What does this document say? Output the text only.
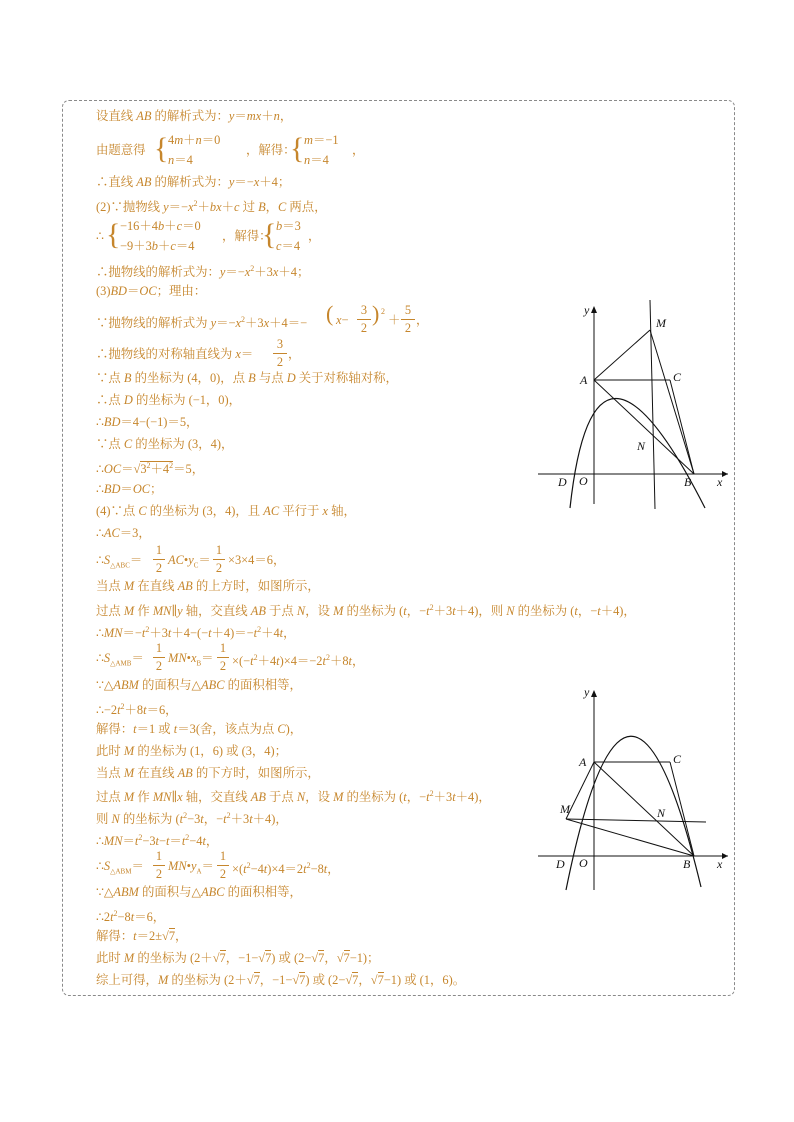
设直线 AB 的解析式为：y＝mx＋n，
由题意得 { 4m＋n＝0
n＝4
，解得：
{ m＝−1
n＝4
，
∴直线 AB 的解析式为：y＝−x＋4；
(2)∵抛物线 $y=-x^2+bx+c$ 过 B，C 两点，
∴ { −16＋4b＋c＝0
−9＋3b＋c＝4
，解得：
{ b＝3
c＝4
，
∴抛物线的解析式为：$y=-x^2+3x+4$；
(3)BD＝OC；理由：
∵抛物线的解析式为 $y=-x^2+3x+4=-$ ( x−
3
2
) 2
＋
5
2
，
∴抛物线的对称轴直线为 x＝
3
2
，
∵点 B 的坐标为 (4，0)，点 B 与点 D 关于对称轴对称，
∴点 D 的坐标为 (−1，0)，
∴BD＝4−(−1)＝5，
∵点 C 的坐标为 (3，4)，
$\therefore OC=√3^2+4^2=5$，
∴BD＝OC；
(4)∵点 C 的坐标为 (3，4)，且 AC 平行于 x 轴，
∴AC＝3，
$\therefore S_{\triangle ABC}=$
1
2
$AC•y_C=$
1
2
×3×4＝6，
当点 M 在直线 AB 的上方时，如图所示，
过点 M 作 MN∥y 轴，交直线 AB 于点 N，设 M 的坐标为 (t，$-t^2+3t+4$)，则 N 的坐标为 (t，−t＋4)，
$\therefore MN=-t^2+3t+4-(-t+4)=-t^2+4t$，
$\therefore S_{\triangle AMB}=$
1
2
$MN•x_B=$
1
$2 \times(-t^2+4t)\times 4=-2t^2+8t$，
∵△ABM 的面积与△ABC 的面积相等，
$\therefore-2t^2+8t=6$，
解得：t＝1 或 t＝3(舍，该点为点 C)，
此时 M 的坐标为 (1，6) 或 (3，4)；
当点 M 在直线 AB 的下方时，如图所示，
过点 M 作 MN∥x 轴，交直线 AB 于点 N，设 M 的坐标为 (t，$-t^2+3t+4$)，
则 N 的坐标为 ($t^2-3t$，$-t^2+3t+4$)，
$\therefore MN=t^2-3t-t=t^2-4t$，
$\therefore S_{\triangle ABM}=$
1
2
$MN•y_A=$
1
$2 \times(t^2-4t)\times 4=2t^2-8t$，
∵△ABM 的面积与△ABC 的面积相等，
$\therefore 2t^2-8t=6$，
解得：t＝2±√7，
此时 M 的坐标为 (2＋√7，−1−√7) 或 (2−√7，√7−1)；
综上可得，M 的坐标为 (2＋√7，−1−√7) 或 (2−√7，√7−1) 或 (1，6)。
y
x
A	C
M
N
D O	B
y
x
A	C
M	N
D O	B
